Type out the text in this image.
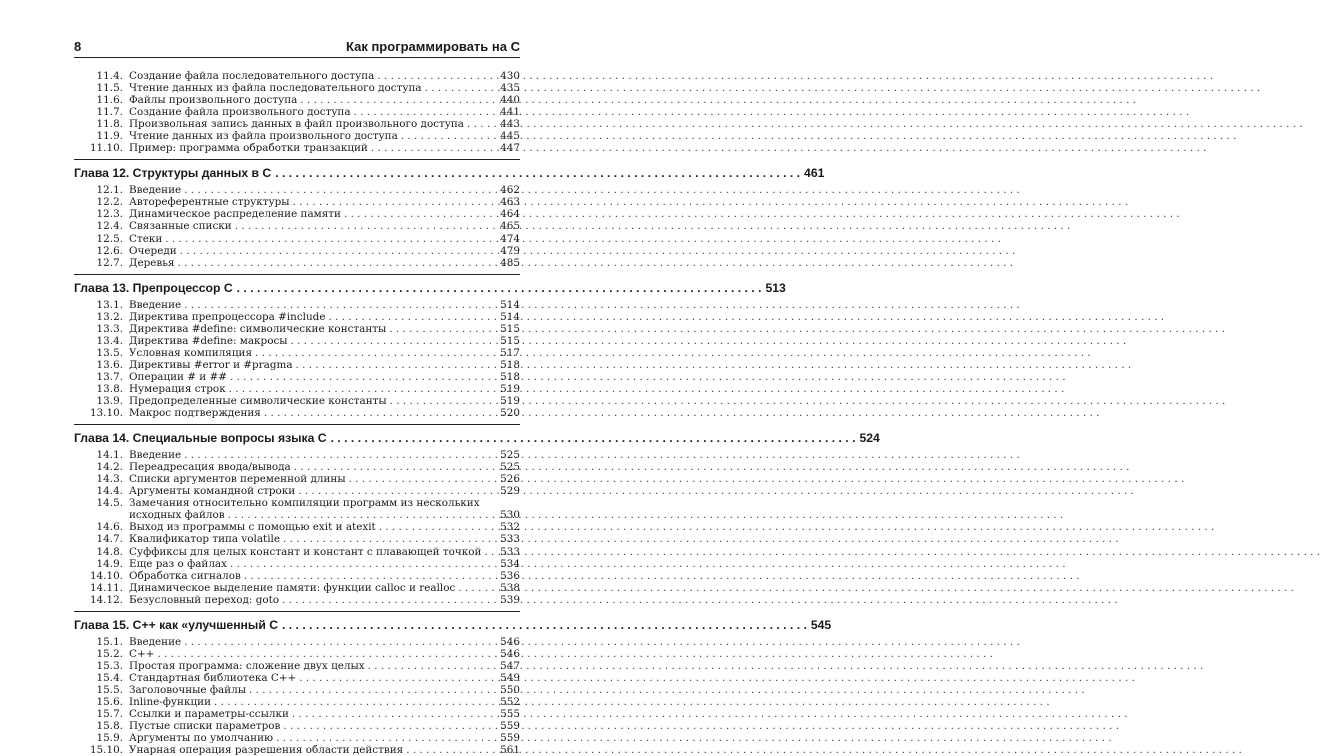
8	Как программировать на С
11.4. Создание файла последовательного доступа . . .	430
11.5. Чтение данных из файла последовательного доступа . . .	435
11.6. Файлы произвольного доступа . . .	440
11.7. Создание файла произвольного доступа . . .	441
11.8. Произвольная запись данных в файл произвольного доступа . . .	443
11.9. Чтение данных из файла произвольного доступа . . .	445
11.10. Пример: программа обработки транзакций . . .	447
Глава 12. Структуры данных в С . . .	461
12.1. Введение . . .	462
12.2. Автореферентные структуры . . .	463
12.3. Динамическое распределение памяти . . .	464
12.4. Связанные списки . . .	465
12.5. Стеки . . .	474
12.6. Очереди . . .	479
12.7. Деревья . . .	485
Глава 13. Препроцессор С . . .	513
13.1. Введение . . .	514
13.2. Директива препроцессора #include . . .	514
13.3. Директива #define: символические константы . . .	515
13.4. Директива #define: макросы . . .	515
13.5. Условная компиляция . . .	517
13.6. Директивы #error и #pragma . . .	518
13.7. Операции # и ## . . .	518
13.8. Нумерация строк . . .	519
13.9. Предопределенные символические константы . . .	519
13.10. Макрос подтверждения . . .	520
Глава 14. Специальные вопросы языка С . . .	524
14.1. Введение . . .	525
14.2. Переадресация ввода/вывода . . .	525
14.3. Списки аргументов переменной длины . . .	526
14.4. Аргументы командной строки . . .	529
14.5. Замечания относительно компиляции программ из нескольких
исходных файлов . . .	530
14.6. Выход из программы с помощью exit и atexit . . .	532
14.7. Квалификатор типа volatile . . .	533
14.8. Суффиксы для целых констант и констант с плавающей точкой . . . 533
14.9. Еще раз о файлах . . .	534
14.10. Обработка сигналов . . .	536
14.11. Динамическое выделение памяти: функции calloc и realloc . . .	538
14.12. Безусловный переход: goto . . .	539
Глава 15. С++ как «улучшенный С . . .	545
15.1. Введение . . .	546
15.2. С++ . . .	546
15.3. Простая программа: сложение двух целых . . .	547
15.4. Стандартная библиотека С++ . . .	549
15.5. Заголовочные файлы . . .	550
15.6. Inline-функции . . .	552
15.7. Ссылки и параметры-ссылки . . .	555
15.8. Пустые списки параметров . . .	559
15.9. Аргументы по умолчанию . . .	559
15.10. Унарная операция разрешения области действия . . .	561
